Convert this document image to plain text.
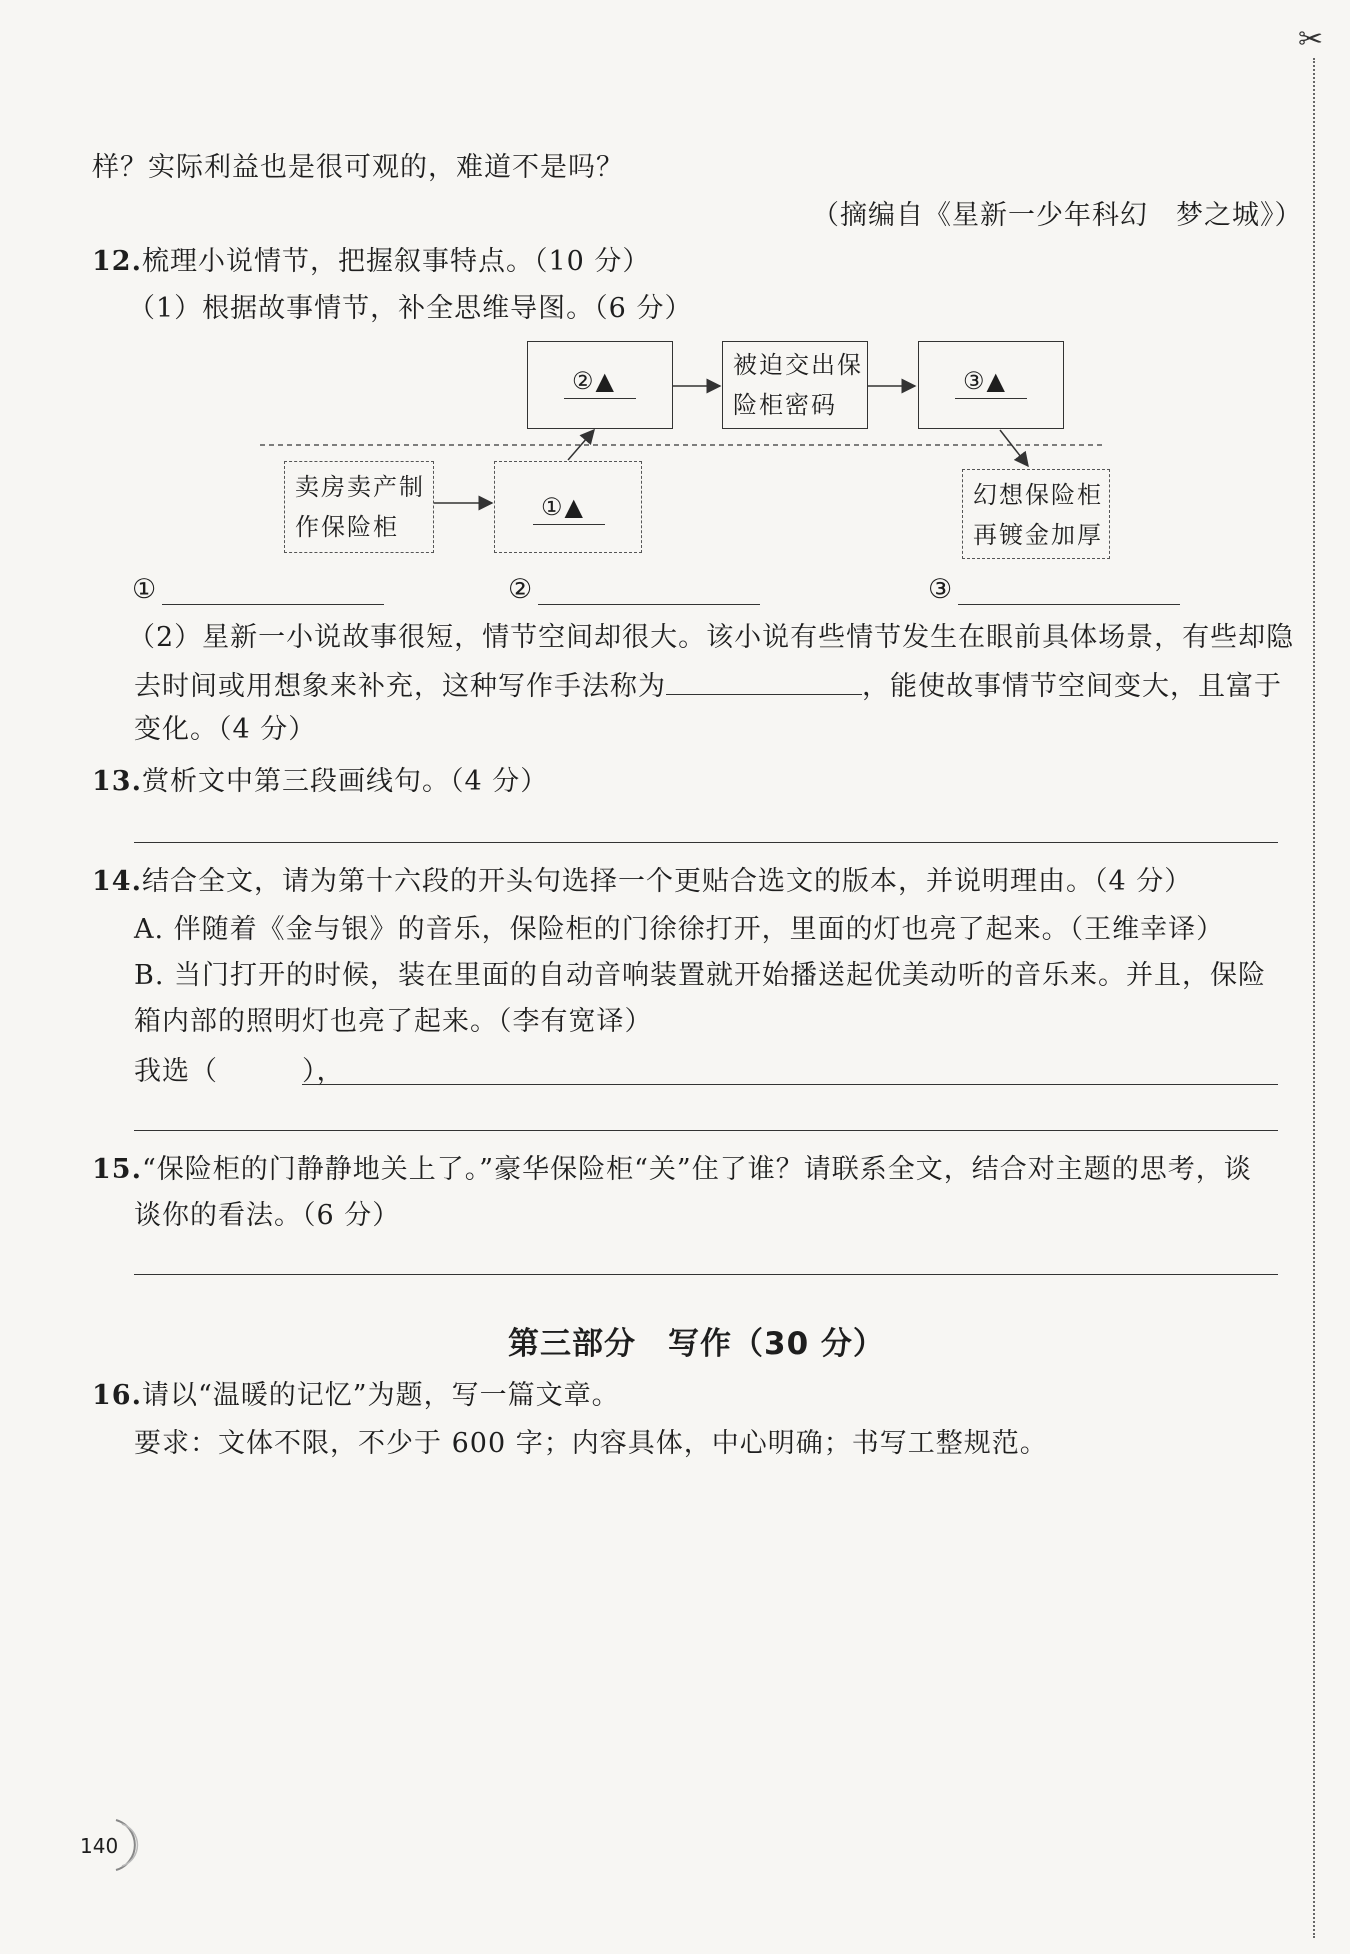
✂
样？实际利益也是很可观的，难道不是吗？
（摘编自《星新一少年科幻　梦之城》）
12.梳理小说情节，把握叙事特点。（10 分）
（1）根据故事情节，补全思维导图。（6 分）
②▲
被迫交出保
险柜密码
③▲
卖房卖产制
作保险柜
①▲	幻想保险柜
再镀金加厚
①	②	③
（2）星新一小说故事很短，情节空间却很大。该小说有些情节发生在眼前具体场景，有些却隐
去时间或用想象来补充，这种写作手法称为	，能使故事情节空间变大，且富于
变化。（4 分）
13.赏析文中第三段画线句。（4 分）
14.结合全文，请为第十六段的开头句选择一个更贴合选文的版本，并说明理由。（4 分）
A. 伴随着《金与银》的音乐，保险柜的门徐徐打开，里面的灯也亮了起来。（王维幸译）
B. 当门打开的时候，装在里面的自动音响装置就开始播送起优美动听的音乐来。并且，保险
箱内部的照明灯也亮了起来。（李有宽译）
我选（　　　），
15.“保险柜的门静静地关上了。”豪华保险柜“关”住了谁？请联系全文，结合对主题的思考，谈
谈你的看法。（6 分）
第三部分　写作（30 分）
16.请以“温暖的记忆”为题，写一篇文章。
要求：文体不限，不少于 600 字；内容具体，中心明确；书写工整规范。
140
